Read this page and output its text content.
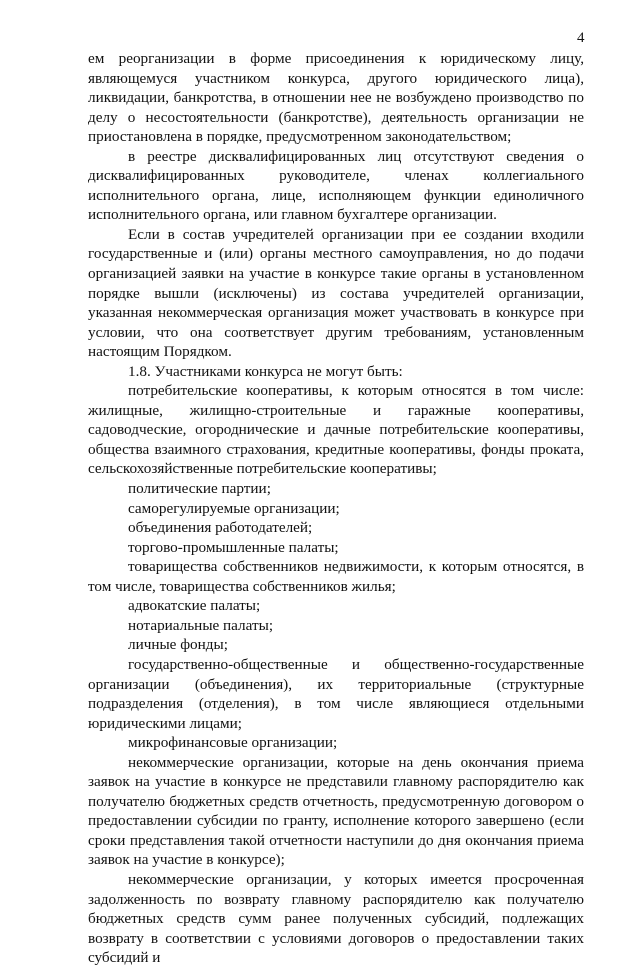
4

ем реорганизации в форме присоединения к юридическому лицу, являющемуся участником конкурса, другого юридического лица), ликвидации, банкротства, в отношении нее не возбуждено производство по делу о несостоятельности (банкротстве), деятельность организации не приостановлена в порядке, предусмотренном законодательством;

в реестре дисквалифицированных лиц отсутствуют сведения о дисквалифицированных руководителе, членах коллегиального исполнительного органа, лице, исполняющем функции единоличного исполнительного органа, или главном бухгалтере организации.

Если в состав учредителей организации при ее создании входили государственные и (или) органы местного самоуправления, но до подачи организацией заявки на участие в конкурсе такие органы в установленном порядке вышли (исключены) из состава учредителей организации, указанная некоммерческая организация может участвовать в конкурсе при условии, что она соответствует другим требованиям, установленным настоящим Порядком.

1.8. Участниками конкурса не могут быть:

потребительские кооперативы, к которым относятся в том числе: жилищные, жилищно-строительные и гаражные кооперативы, садоводческие, огороднические и дачные потребительские кооперативы, общества взаимного страхования, кредитные кооперативы, фонды проката, сельскохозяйственные потребительские кооперативы;

политические партии;

саморегулируемые организации;

объединения работодателей;

торгово-промышленные палаты;

товарищества собственников недвижимости, к которым относятся, в том числе, товарищества собственников жилья;

адвокатские палаты;

нотариальные палаты;

личные фонды;

государственно-общественные и общественно-государственные организации (объединения), их территориальные (структурные подразделения (отделения), в том числе являющиеся отдельными юридическими лицами;

микрофинансовые организации;

некоммерческие организации, которые на день окончания приема заявок на участие в конкурсе не представили главному распорядителю как получателю бюджетных средств отчетность, предусмотренную договором о предоставлении субсидии по гранту, исполнение которого завершено (если сроки представления такой отчетности наступили до дня окончания приема заявок на участие в конкурсе);

некоммерческие организации, у которых имеется просроченная задолженность по возврату главному распорядителю как получателю бюджетных средств сумм ранее полученных субсидий, подлежащих возврату в соответствии с условиями договоров о предоставлении таких субсидий и
